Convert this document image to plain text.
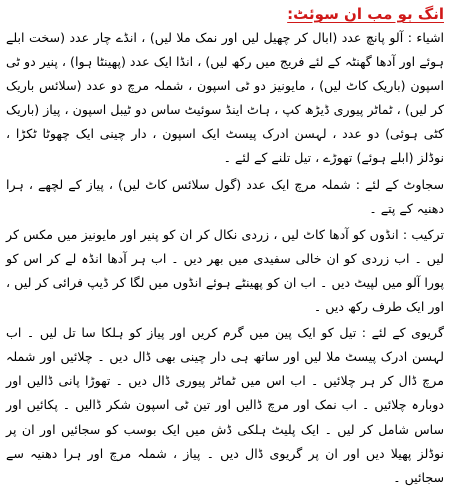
انگ بو مب ان سوئٹ:

اشیاء : آلو پانچ عدد (ابال کر چھیل لیں اور نمک ملا لیں) ، انڈے چار عدد (سخت ابلے ہوئے اور آدھا گھنٹہ کے لئے فریج میں رکھ لیں) ، انڈا ایک عدد (پھینٹا ہوا) ، پنیر دو ٹی اسپون (باریک کاٹ لیں) ، مایونیز دو ٹی اسپون ، شملہ مرچ دو عدد (سلائس باریک کر لیں) ، ٹماٹر پیوری ڈیڑھ کپ ، ہاٹ اینڈ سوئیٹ ساس دو ٹیبل اسپون ، پیاز (باریک کٹی ہوئی) دو عدد ، لہسن ادرک پیسٹ ایک اسپون ، دار چینی ایک چھوٹا ٹکڑا ، نوڈلز (ابلے ہوئے) تھوڑے ، تیل تلنے کے لئے ۔

سجاوٹ کے لئے : شملہ مرچ ایک عدد (گول سلائس کاٹ لیں) ، پیاز کے لچھے ، ہرا دھنیہ کے پتے ۔

ترکیب : انڈوں کو آدھا کاٹ لیں ، زردی نکال کر ان کو پنیر اور مایونیز میں مکس کر لیں ۔ اب زردی کو ان خالی سفیدی میں بھر دیں ۔ اب ہر آدھا انڈہ لے کر اس کو پورا آلو میں لپیٹ دیں ۔ اب ان کو پھینٹے ہوئے انڈوں میں لگا کر ڈیپ فرائی کر لیں ، اور ایک طرف رکھ دیں ۔

گریوی کے لئے : تیل کو ایک پین میں گرم کریں اور پیاز کو ہلکا سا تل لیں ۔ اب لہسن ادرک پیسٹ ملا لیں اور ساتھ ہی دار چینی بھی ڈال دیں ۔ چلائیں اور شملہ مرچ ڈال کر ہر چلائیں ۔ اب اس میں ٹماٹر پیوری ڈال دیں ۔ تھوڑا پانی ڈالیں اور دوبارہ چلائیں ۔ اب نمک اور مرچ ڈالیں اور تین ٹی اسپون شکر ڈالیں ۔ پکائیں اور ساس شامل کر لیں ۔ ایک پلیٹ ہلکی ڈش میں ایک بوسب کو سجائیں اور ان پر نوڈلز پھیلا دیں اور ان پر گریوی ڈال دیں ۔ پیاز ، شملہ مرچ اور ہرا دھنیہ سے سجائیں ۔
